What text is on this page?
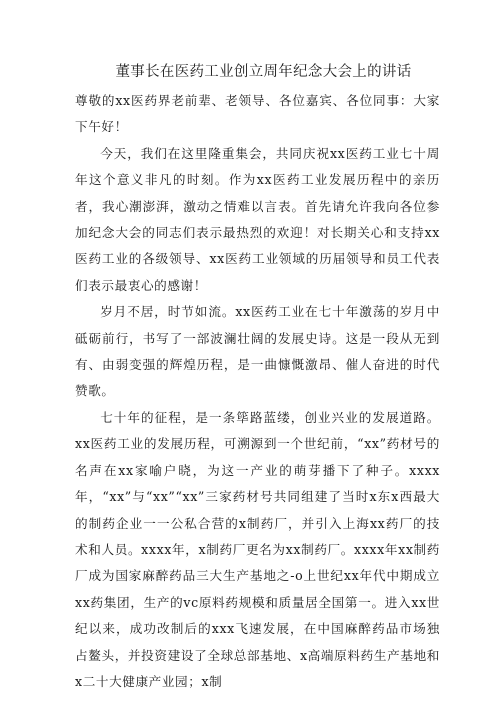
董事长在医药工业创立周年纪念大会上的讲话

尊敬的xx医药界老前辈、老领导、各位嘉宾、各位同事：大家下午好！

今天，我们在这里隆重集会，共同庆祝xx医药工业七十周年这个意义非凡的时刻。作为xx医药工业发展历程中的亲历者，我心潮澎湃，激动之情难以言表。首先请允许我向各位参加纪念大会的同志们表示最热烈的欢迎！对长期关心和支持xx医药工业的各级领导、xx医药工业领域的历届领导和员工代表们表示最衷心的感谢！

岁月不居，时节如流。xx医药工业在七十年激荡的岁月中砥砺前行，书写了一部波澜壮阔的发展史诗。这是一段从无到有、由弱变强的辉煌历程，是一曲慷慨激昂、催人奋进的时代赞歌。

七十年的征程，是一条筚路蓝缕，创业兴业的发展道路。xx医药工业的发展历程，可溯源到一个世纪前，“xx”药材号的名声在xx家喻户晓，为这一产业的萌芽播下了种子。xxxx年，“xx”与“xx”“xx”三家药材号共同组建了当时x东x西最大的制药企业一一公私合营的x制药厂，并引入上海xx药厂的技术和人员。xxxx年，x制药厂更名为xx制药厂。xxxx年xx制药厂成为国家麻醉药品三大生产基地之-o上世纪xx年代中期成立xx药集团，生产的vc原料药规模和质量居全国第一。进入xx世纪以来，成功改制后的xxx飞速发展，在中国麻醉药品市场独占鳌头，并投资建设了全球总部基地、x高端原料药生产基地和x二十大健康产业园；x制
